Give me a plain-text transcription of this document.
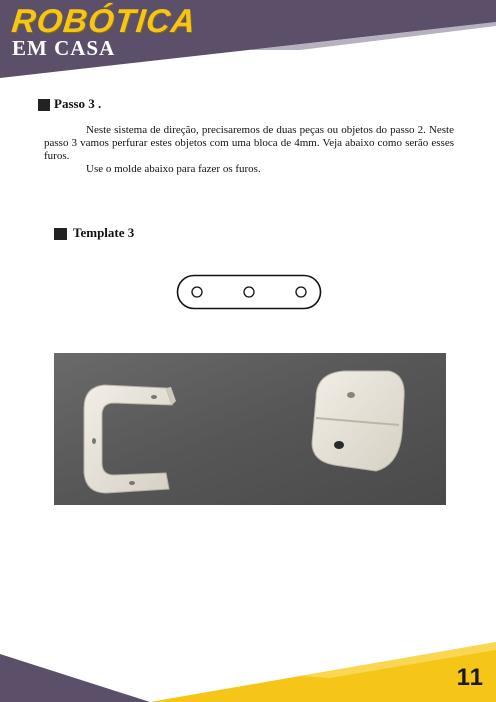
ROBÓTICA
EM CASA
Passo 3 .

Neste sistema de direção, precisaremos de duas peças ou objetos do passo 2. Neste passo 3 vamos perfurar estes objetos com uma bloca de 4mm. Veja abaixo como serão esses furos.

Use o molde abaixo para fazer os furos.

Template 3
11
